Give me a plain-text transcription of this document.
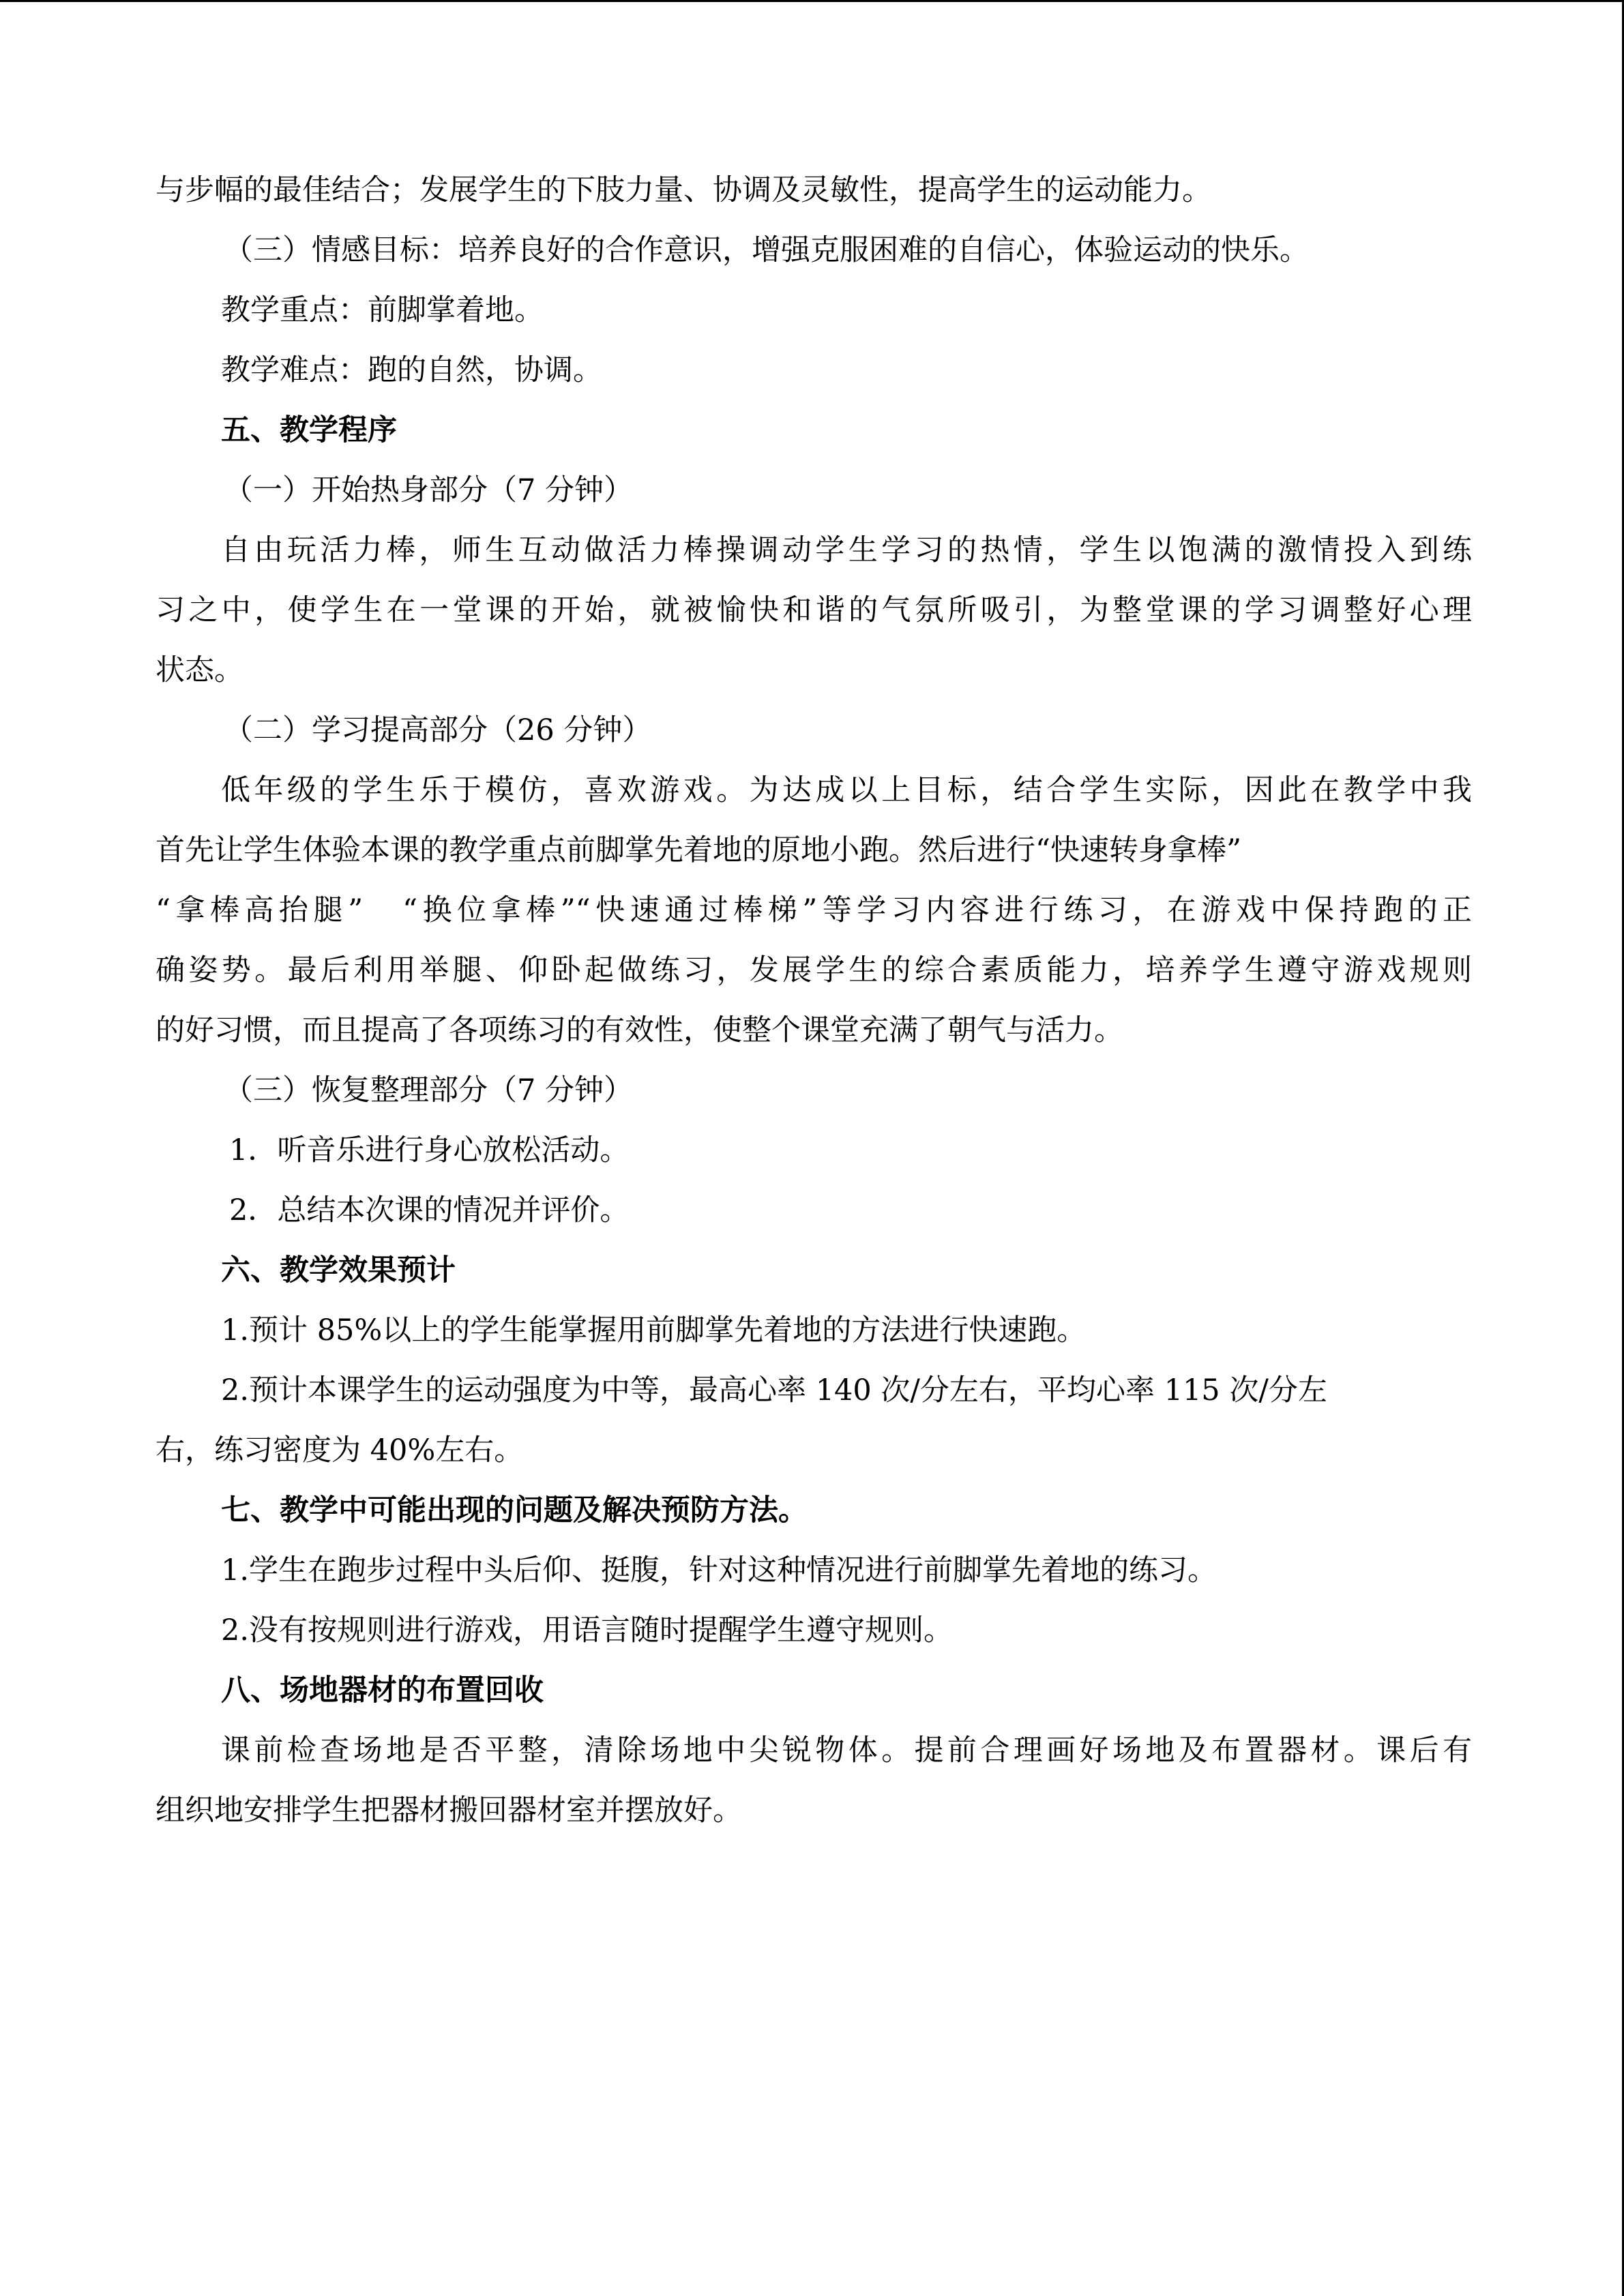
与步幅的最佳结合；发展学生的下肢力量、协调及灵敏性，提高学生的运动能力。
（三）情感目标：培养良好的合作意识，增强克服困难的自信心，体验运动的快乐。
教学重点：前脚掌着地。
教学难点：跑的自然，协调。
五、教学程序
（一）开始热身部分（7 分钟）
自由玩活力棒，师生互动做活力棒操调动学生学习的热情，学生以饱满的激情投入到练
习之中，使学生在一堂课的开始，就被愉快和谐的气氛所吸引，为整堂课的学习调整好心理
状态。
（二）学习提高部分（26 分钟）
低年级的学生乐于模仿，喜欢游戏。为达成以上目标，结合学生实际，因此在教学中我
首先让学生体验本课的教学重点前脚掌先着地的原地小跑。然后进行“快速转身拿棒”
“拿棒高抬腿”　“换位拿棒”“快速通过棒梯”等学习内容进行练习，在游戏中保持跑的正
确姿势。最后利用举腿、仰卧起做练习，发展学生的综合素质能力，培养学生遵守游戏规则
的好习惯，而且提高了各项练习的有效性，使整个课堂充满了朝气与活力。
（三）恢复整理部分（7 分钟）
1．听音乐进行身心放松活动。
2．总结本次课的情况并评价。
六、教学效果预计
1.预计 85%以上的学生能掌握用前脚掌先着地的方法进行快速跑。
2.预计本课学生的运动强度为中等，最高心率 140 次/分左右，平均心率 115 次/分左
右，练习密度为 40%左右。
七、教学中可能出现的问题及解决预防方法。
1.学生在跑步过程中头后仰、挺腹，针对这种情况进行前脚掌先着地的练习。
2.没有按规则进行游戏，用语言随时提醒学生遵守规则。
八、场地器材的布置回收
课前检查场地是否平整，清除场地中尖锐物体。提前合理画好场地及布置器材。课后有
组织地安排学生把器材搬回器材室并摆放好。
